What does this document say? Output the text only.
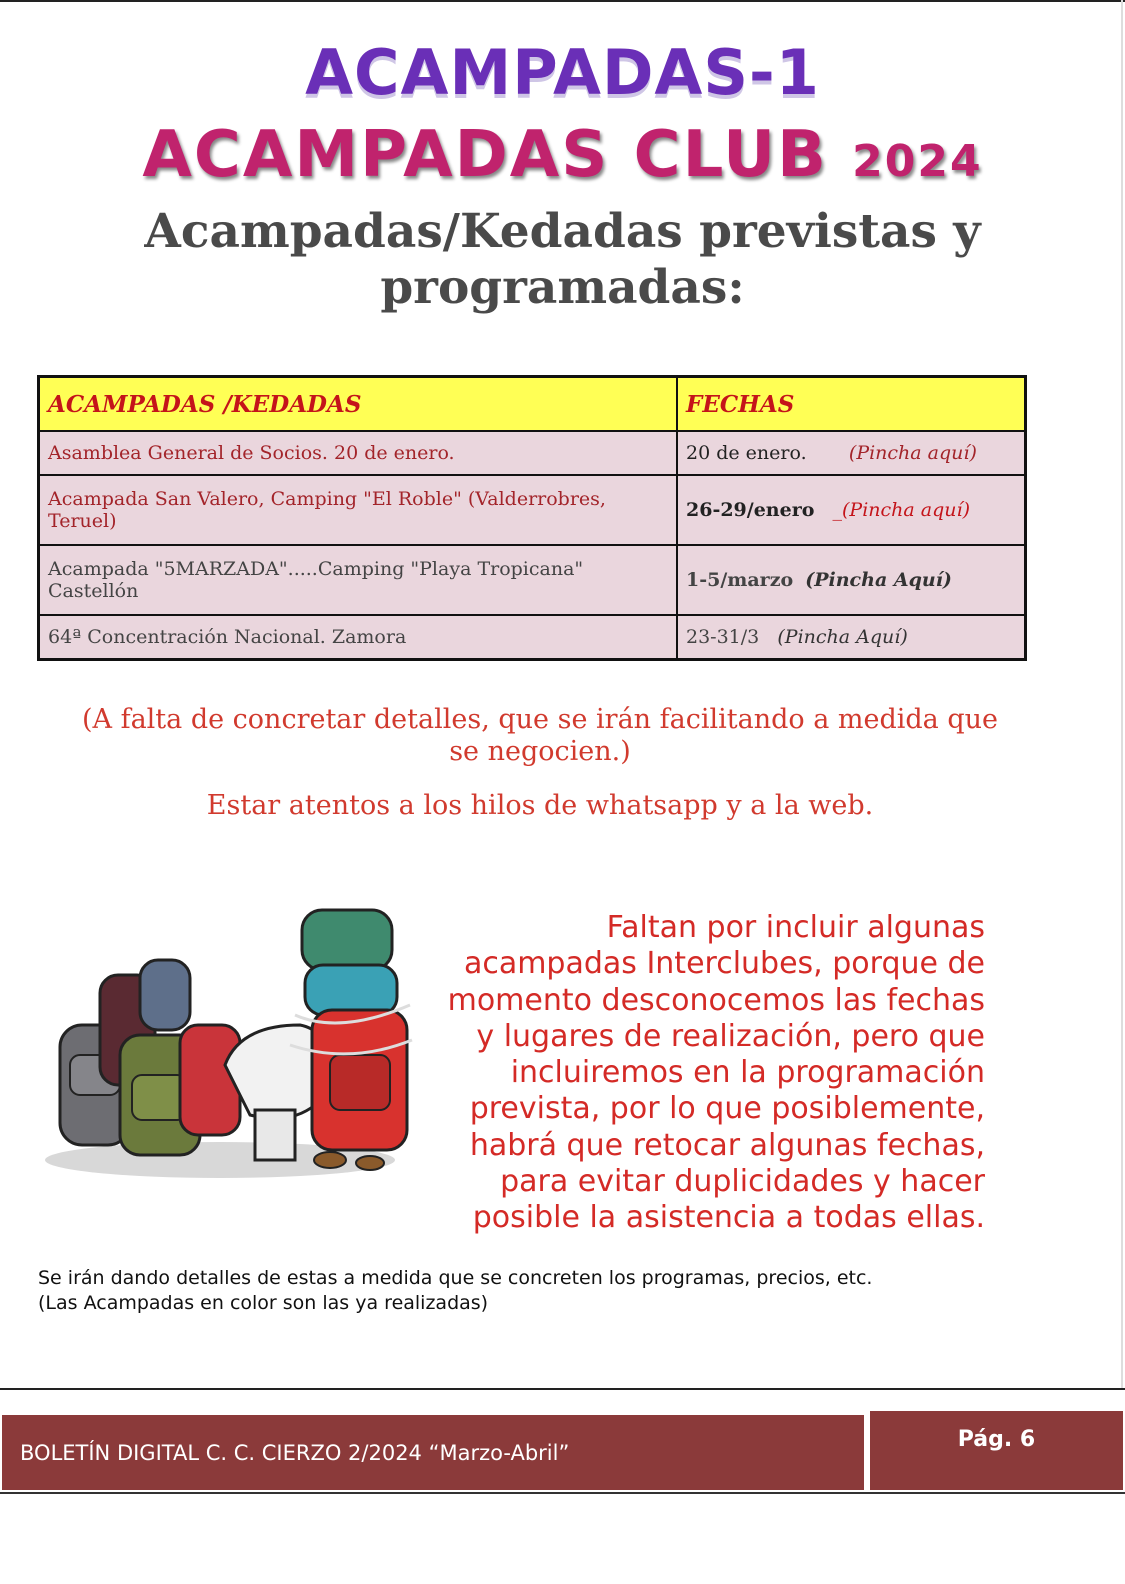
ACAMPADAS-1
ACAMPADAS CLUB 2024
Acampadas/Kedadas previstas y programadas:
ACAMPADAS /KEDADAS	FECHAS
Asamblea General de Socios. 20 de enero.	20 de enero. (Pincha aquí)
Acampada San Valero, Camping "El Roble" (Valderrobres, Teruel)	26-29/enero _(Pincha aquí)
Acampada "5MARZADA".....Camping "Playa Tropicana" Castellón	1-5/marzo (Pincha Aquí)
64ª Concentración Nacional. Zamora	23-31/3 (Pincha Aquí)
(A falta de concretar detalles, que se irán facilitando a medida que se negocien.)
Estar atentos a los hilos de whatsapp y a la web.
Faltan por incluir algunas
acampadas Interclubes, porque de
momento desconocemos las fechas
y lugares de realización, pero que
incluiremos en la programación
prevista, por lo que posiblemente,
habrá que retocar algunas fechas,
para evitar duplicidades y hacer
posible la asistencia a todas ellas.
Se irán dando detalles de estas a medida que se concreten los programas, precios, etc.
(Las Acampadas en color son las ya realizadas)
BOLETÍN DIGITAL C. C. CIERZO 2/2024 “Marzo-Abril”
Pág. 6
